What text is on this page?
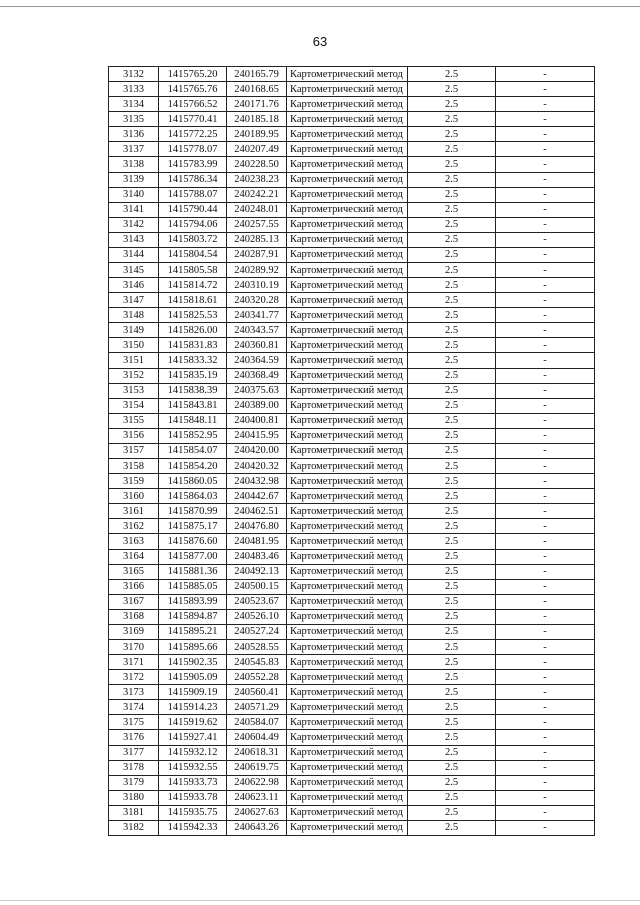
63
3132	1415765.20	240165.79	Картометрический метод	2.5	-
3133	1415765.76	240168.65	Картометрический метод	2.5	-
3134	1415766.52	240171.76	Картометрический метод	2.5	-
3135	1415770.41	240185.18	Картометрический метод	2.5	-
3136	1415772.25	240189.95	Картометрический метод	2.5	-
3137	1415778.07	240207.49	Картометрический метод	2.5	-
3138	1415783.99	240228.50	Картометрический метод	2.5	-
3139	1415786.34	240238.23	Картометрический метод	2.5	-
3140	1415788.07	240242.21	Картометрический метод	2.5	-
3141	1415790.44	240248.01	Картометрический метод	2.5	-
3142	1415794.06	240257.55	Картометрический метод	2.5	-
3143	1415803.72	240285.13	Картометрический метод	2.5	-
3144	1415804.54	240287.91	Картометрический метод	2.5	-
3145	1415805.58	240289.92	Картометрический метод	2.5	-
3146	1415814.72	240310.19	Картометрический метод	2.5	-
3147	1415818.61	240320.28	Картометрический метод	2.5	-
3148	1415825.53	240341.77	Картометрический метод	2.5	-
3149	1415826.00	240343.57	Картометрический метод	2.5	-
3150	1415831.83	240360.81	Картометрический метод	2.5	-
3151	1415833.32	240364.59	Картометрический метод	2.5	-
3152	1415835.19	240368.49	Картометрический метод	2.5	-
3153	1415838.39	240375.63	Картометрический метод	2.5	-
3154	1415843.81	240389.00	Картометрический метод	2.5	-
3155	1415848.11	240400.81	Картометрический метод	2.5	-
3156	1415852.95	240415.95	Картометрический метод	2.5	-
3157	1415854.07	240420.00	Картометрический метод	2.5	-
3158	1415854.20	240420.32	Картометрический метод	2.5	-
3159	1415860.05	240432.98	Картометрический метод	2.5	-
3160	1415864.03	240442.67	Картометрический метод	2.5	-
3161	1415870.99	240462.51	Картометрический метод	2.5	-
3162	1415875.17	240476.80	Картометрический метод	2.5	-
3163	1415876.60	240481.95	Картометрический метод	2.5	-
3164	1415877.00	240483.46	Картометрический метод	2.5	-
3165	1415881.36	240492.13	Картометрический метод	2.5	-
3166	1415885.05	240500.15	Картометрический метод	2.5	-
3167	1415893.99	240523.67	Картометрический метод	2.5	-
3168	1415894.87	240526.10	Картометрический метод	2.5	-
3169	1415895.21	240527.24	Картометрический метод	2.5	-
3170	1415895.66	240528.55	Картометрический метод	2.5	-
3171	1415902.35	240545.83	Картометрический метод	2.5	-
3172	1415905.09	240552.28	Картометрический метод	2.5	-
3173	1415909.19	240560.41	Картометрический метод	2.5	-
3174	1415914.23	240571.29	Картометрический метод	2.5	-
3175	1415919.62	240584.07	Картометрический метод	2.5	-
3176	1415927.41	240604.49	Картометрический метод	2.5	-
3177	1415932.12	240618.31	Картометрический метод	2.5	-
3178	1415932.55	240619.75	Картометрический метод	2.5	-
3179	1415933.73	240622.98	Картометрический метод	2.5	-
3180	1415933.78	240623.11	Картометрический метод	2.5	-
3181	1415935.75	240627.63	Картометрический метод	2.5	-
3182	1415942.33	240643.26	Картометрический метод	2.5	-
